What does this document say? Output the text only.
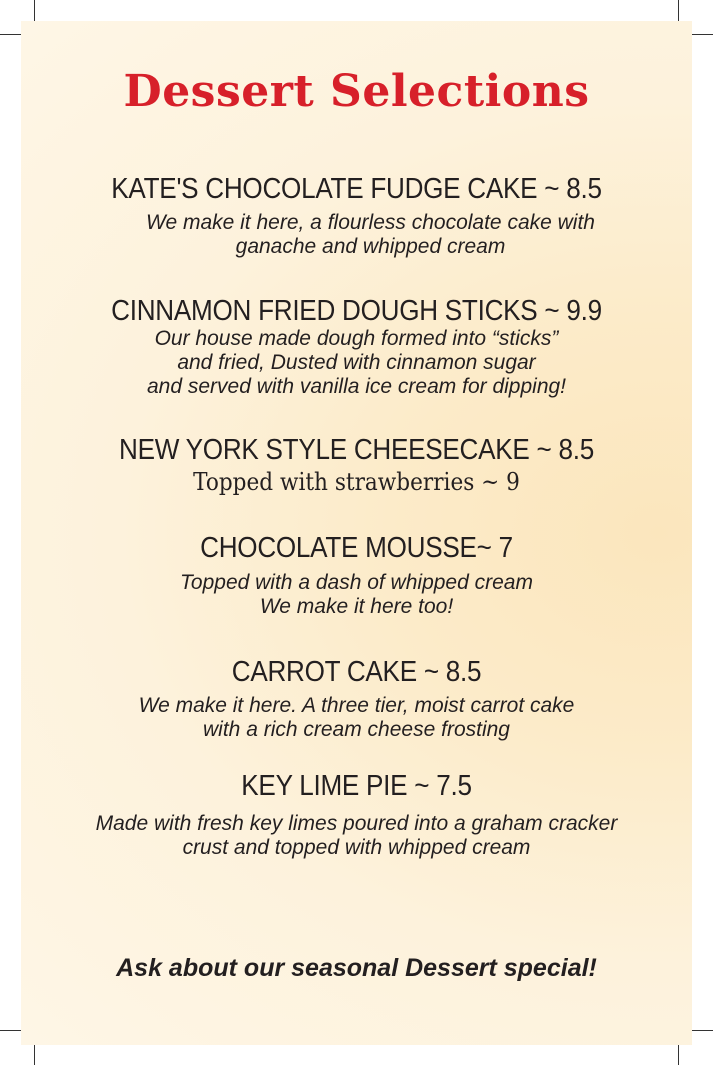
Dessert Selections
KATE'S CHOCOLATE FUDGE CAKE ~ 8.5
We make it here, a flourless chocolate cake with
ganache and whipped cream
CINNAMON FRIED DOUGH STICKS ~ 9.9
Our house made dough formed into “sticks”
and fried, Dusted with cinnamon sugar
and served with vanilla ice cream for dipping!
NEW YORK STYLE CHEESECAKE ~ 8.5
Topped with strawberries ~ 9
CHOCOLATE MOUSSE~ 7
Topped with a dash of whipped cream
We make it here too!
CARROT CAKE ~ 8.5
We make it here. A three tier, moist carrot cake
with a rich cream cheese frosting
KEY LIME PIE ~ 7.5
Made with fresh key limes poured into a graham cracker
crust and topped with whipped cream
Ask about our seasonal Dessert special!
